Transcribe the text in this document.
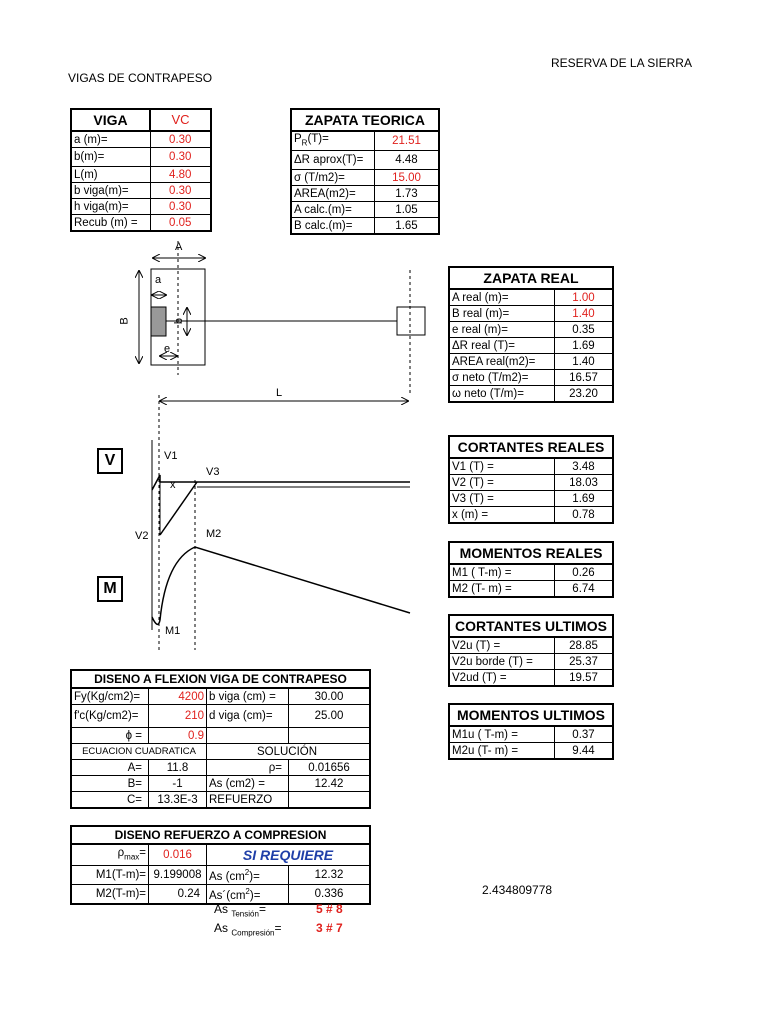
RESERVA DE LA SIERRA
VIGAS DE CONTRAPESO
VIGA	VC
a (m)=	0.30
b(m)=	0.30
L(m)	4.80
b viga(m)=	0.30
h viga(m)=	0.30
Recub (m) =	0.05
ZAPATA TEORICA	
$P_R(T)=$	21.51
ΔR aprox(T)=	4.48
σ (T/m2)=	15.00
AREA(m2)=	1.73
A calc.(m)=	1.05
B calc.(m)=	1.65
ZAPATA REAL	
A real (m)=	1.00
B real (m)=	1.40
e real (m)=	0.35
ΔR real (T)=	1.69
AREA real(m2)=	1.40
σ neto (T/m2)=	16.57
ω neto (T/m)=	23.20
CORTANTES REALES	
V1 (T) =	3.48
V2 (T) =	18.03
V3 (T) =	1.69
x (m) =	0.78
MOMENTOS REALES	
M1 ( T-m) =	0.26
M2 (T- m) =	6.74
CORTANTES ULTIMOS	
V2u (T) =	28.85
V2u borde (T) =	25.37
V2ud (T) =	19.57
MOMENTOS ULTIMOS	
M1u ( T-m) =	0.37
M2u (T- m) =	9.44
A
a
B	b
e
L
V
M
V1
V3
x
V2	M2
M1
DISENO A FLEXION VIGA DE CONTRAPESO			
Fy(Kg/cm2)=	4200	b viga (cm) =	30.00
f'c(Kg/cm2)=	210	d viga (cm)=	25.00
ϕ =	0.9		
ECUACION CUADRATICA		SOLUCIÓN	
A=	11.8	ρ=	0.01656
B=	-1	As (cm2) =	12.42
C=	13.3E-3	REFUERZO	
DISENO REFUERZO A COMPRESION			
$\rho_{max}=$	0.016	SI REQUIERE	
M1(T-m)=	9.199008	As $(cm^2)=$	12.32
M2(T-m)=	0.24	$As´(cm^2)=$	0.336
As $_{Tensión}$=	5 # 8
As $_{Compresión}$=	3 # 7
2.434809778
